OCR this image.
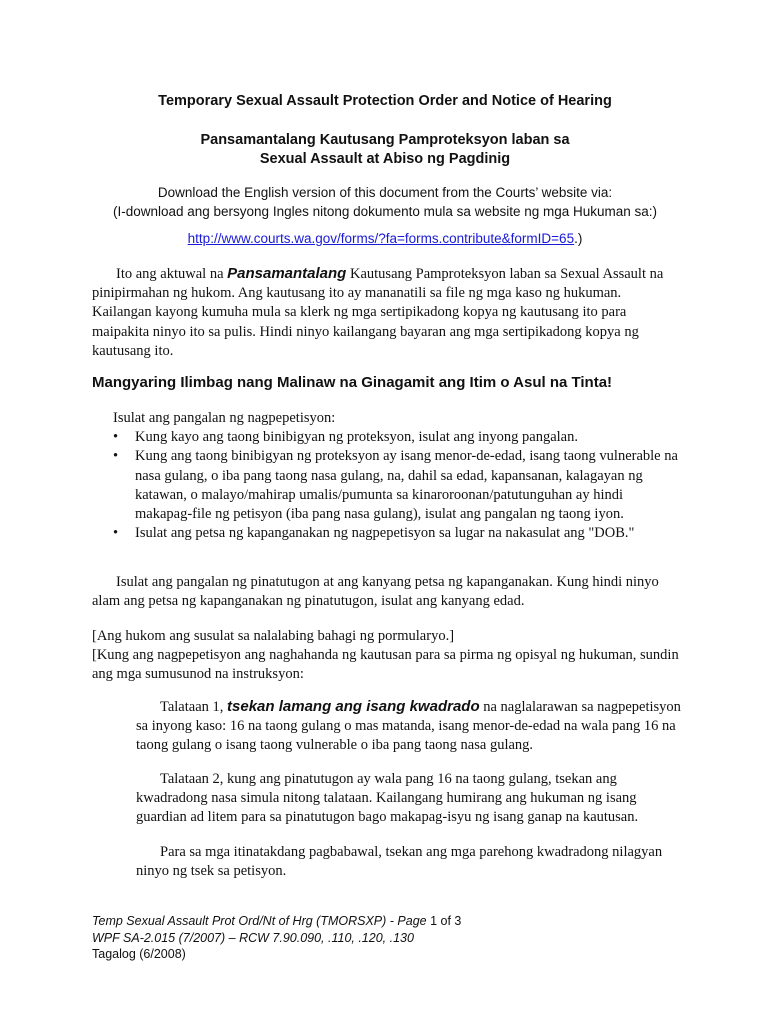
Temporary Sexual Assault Protection Order and Notice of Hearing
Pansamantalang Kautusang Pamproteksyon laban sa
Sexual Assault at Abiso ng Pagdinig
Download the English version of this document from the Courts’ website via:
(I-download ang bersyong Ingles nitong dokumento mula sa website ng mga Hukuman sa:)
http://www.courts.wa.gov/forms/?fa=forms.contribute&formID=65.)
Ito ang aktuwal na Pansamantalang Kautusang Pamproteksyon laban sa Sexual Assault na pinipirmahan ng hukom. Ang kautusang ito ay mananatili sa file ng mga kaso ng hukuman. Kailangan kayong kumuha mula sa klerk ng mga sertipikadong kopya ng kautusang ito para maipakita ninyo ito sa pulis. Hindi ninyo kailangang bayaran ang mga sertipikadong kopya ng kautusang ito.
Mangyaring Ilimbag nang Malinaw na Ginagamit ang Itim o Asul na Tinta!
Isulat ang pangalan ng nagpepetisyon:
• Kung kayo ang taong binibigyan ng proteksyon, isulat ang inyong pangalan.
• Kung ang taong binibigyan ng proteksyon ay isang menor-de-edad, isang taong vulnerable na nasa gulang, o iba pang taong nasa gulang, na, dahil sa edad, kapansanan, kalagayan ng katawan, o malayo/mahirap umalis/pumunta sa kinaroroonan/patutunguhan ay hindi makapag-file ng petisyon (iba pang nasa gulang), isulat ang pangalan ng taong iyon.
• Isulat ang petsa ng kapanganakan ng nagpepetisyon sa lugar na nakasulat ang "DOB."
Isulat ang pangalan ng pinatutugon at ang kanyang petsa ng kapanganakan. Kung hindi ninyo alam ang petsa ng kapanganakan ng pinatutugon, isulat ang kanyang edad.
[Ang hukom ang susulat sa nalalabing bahagi ng pormularyo.]
[Kung ang nagpepetisyon ang naghahanda ng kautusan para sa pirma ng opisyal ng hukuman, sundin ang mga sumusunod na instruksyon:
Talataan 1, tsekan lamang ang isang kwadrado na naglalarawan sa nagpepetisyon sa inyong kaso: 16 na taong gulang o mas matanda, isang menor-de-edad na wala pang 16 na taong gulang o isang taong vulnerable o iba pang taong nasa gulang.
Talataan 2, kung ang pinatutugon ay wala pang 16 na taong gulang, tsekan ang kwadradong nasa simula nitong talataan. Kailangang humirang ang hukuman ng isang guardian ad litem para sa pinatutugon bago makapag-isyu ng isang ganap na kautusan.
Para sa mga itinatakdang pagbabawal, tsekan ang mga parehong kwadradong nilagyan ninyo ng tsek sa petisyon.
Temp Sexual Assault Prot Ord/Nt of Hrg (TMORSXP) - Page 1 of 3
WPF SA-2.015 (7/2007) – RCW 7.90.090, .110, .120, .130
Tagalog (6/2008)
